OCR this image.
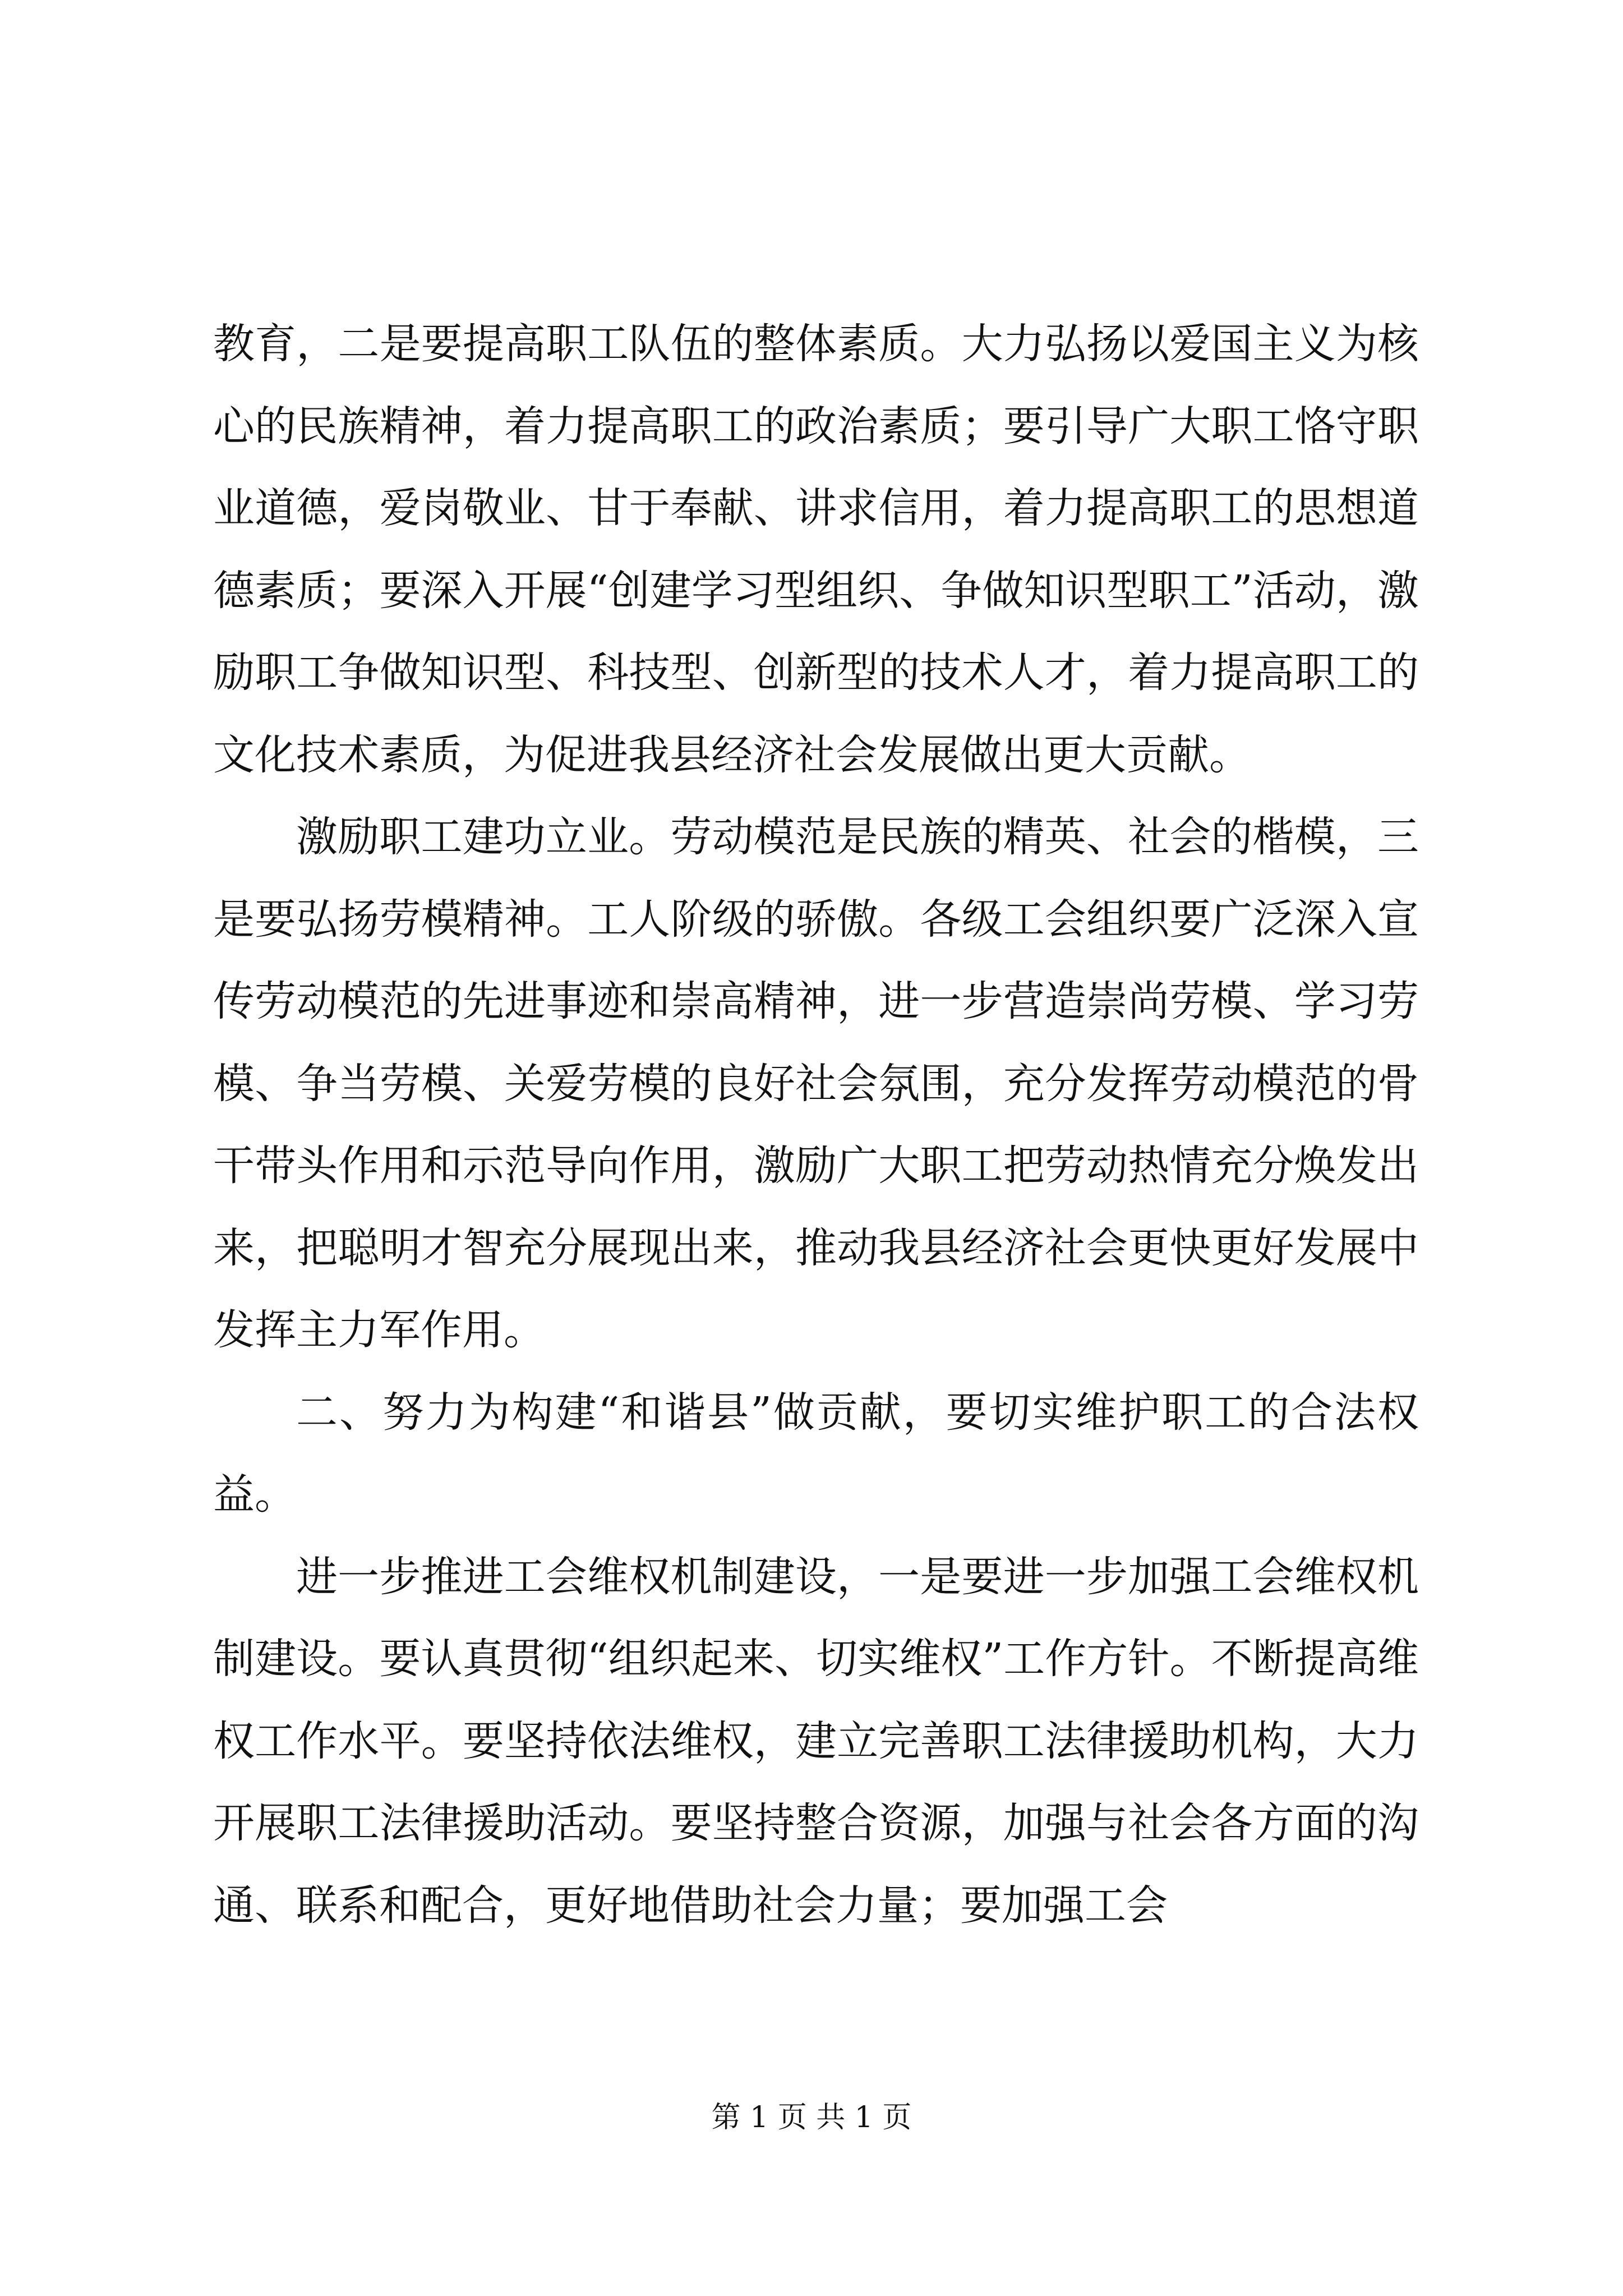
教育，二是要提高职工队伍的整体素质。大力弘扬以爱国主义为核心的民族精神，着力提高职工的政治素质；要引导广大职工恪守职业道德，爱岗敬业、甘于奉献、讲求信用，着力提高职工的思想道德素质；要深入开展“创建学习型组织、争做知识型职工”活动，激励职工争做知识型、科技型、创新型的技术人才，着力提高职工的文化技术素质，为促进我县经济社会发展做出更大贡献。

激励职工建功立业。劳动模范是民族的精英、社会的楷模，三是要弘扬劳模精神。工人阶级的骄傲。各级工会组织要广泛深入宣传劳动模范的先进事迹和崇高精神，进一步营造崇尚劳模、学习劳模、争当劳模、关爱劳模的良好社会氛围，充分发挥劳动模范的骨干带头作用和示范导向作用，激励广大职工把劳动热情充分焕发出来，把聪明才智充分展现出来，推动我县经济社会更快更好发展中发挥主力军作用。

二、努力为构建“和谐县”做贡献，要切实维护职工的合法权益。

进一步推进工会维权机制建设，一是要进一步加强工会维权机制建设。要认真贯彻“组织起来、切实维权”工作方针。不断提高维权工作水平。要坚持依法维权，建立完善职工法律援助机构，大力开展职工法律援助活动。要坚持整合资源，加强与社会各方面的沟通、联系和配合，更好地借助社会力量；要加强工会

第 1 页 共 1 页
